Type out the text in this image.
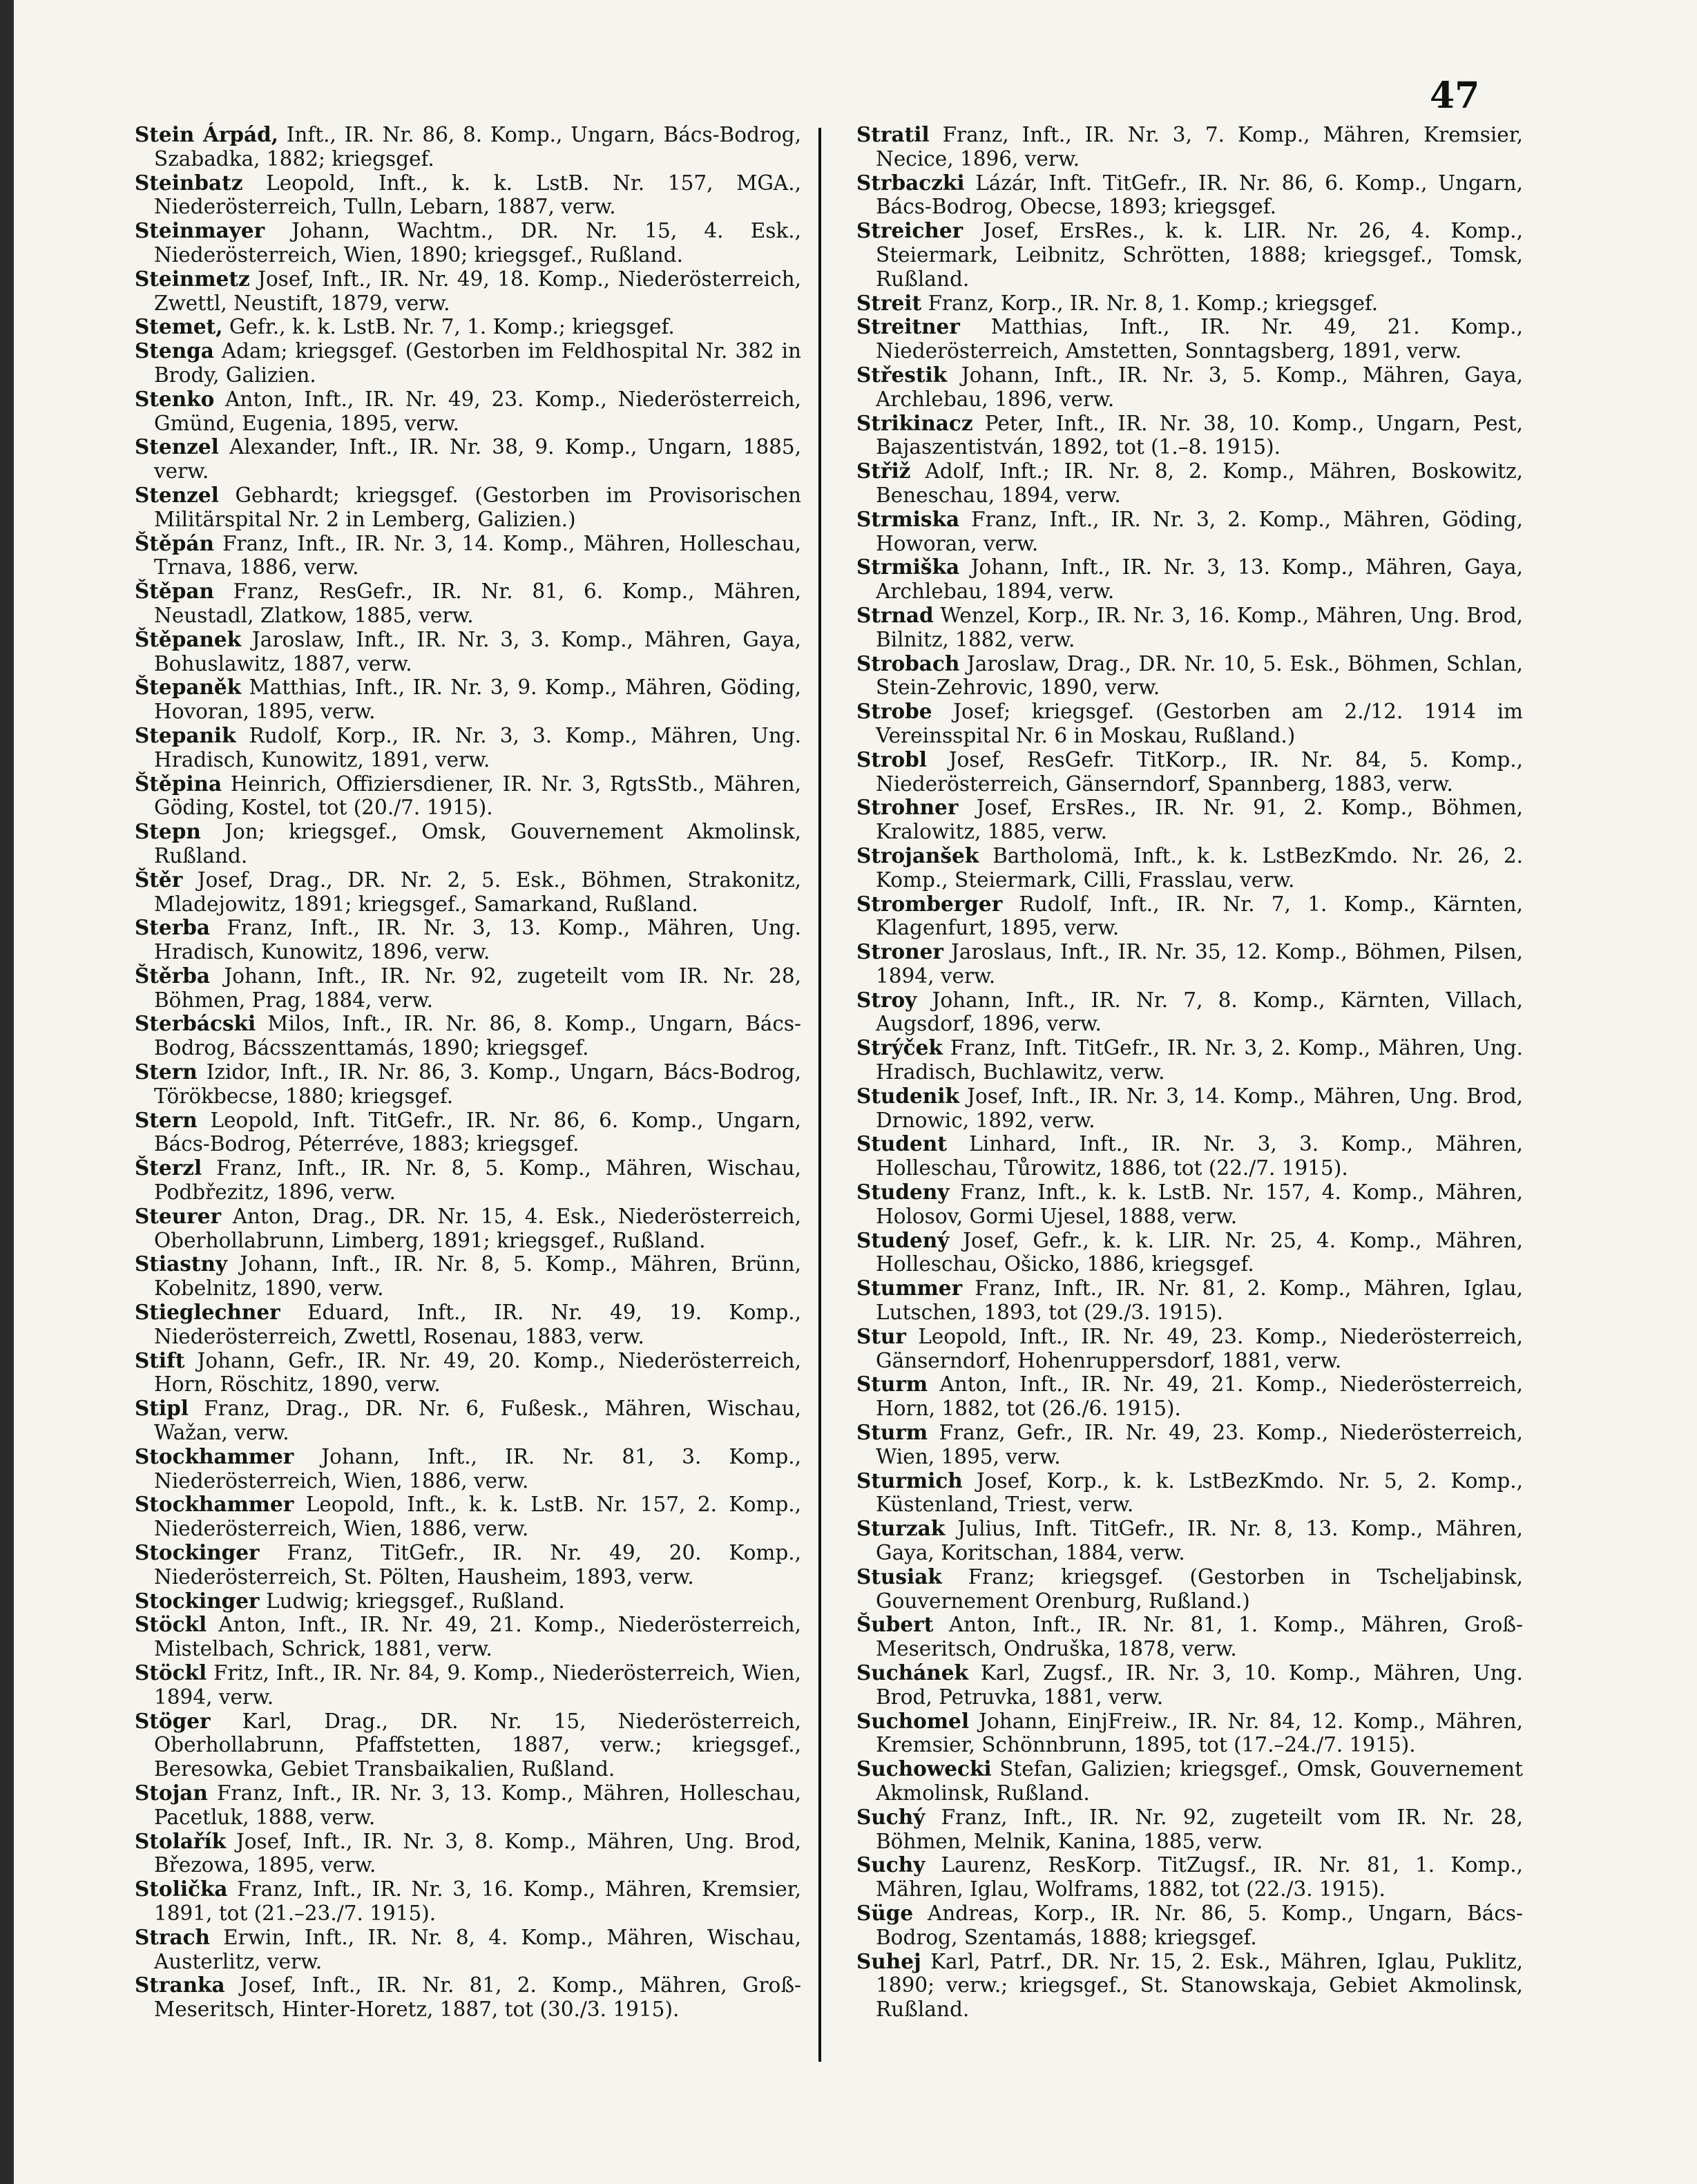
47

Stein Árpád, Inft., IR. Nr. 86, 8. Komp., Ungarn, Bács-Bodrog, Szabadka, 1882; kriegsgef.

Steinbatz Leopold, Inft., k. k. LstB. Nr. 157, MGA., Niederösterreich, Tulln, Lebarn, 1887, verw.

Steinmayer Johann, Wachtm., DR. Nr. 15, 4. Esk., Niederösterreich, Wien, 1890; kriegsgef., Rußland.

Steinmetz Josef, Inft., IR. Nr. 49, 18. Komp., Niederösterreich, Zwettl, Neustift, 1879, verw.

Stemet, Gefr., k. k. LstB. Nr. 7, 1. Komp.; kriegsgef.

Stenga Adam; kriegsgef. (Gestorben im Feldhospital Nr. 382 in Brody, Galizien.

Stenko Anton, Inft., IR. Nr. 49, 23. Komp., Niederösterreich, Gmünd, Eugenia, 1895, verw.

Stenzel Alexander, Inft., IR. Nr. 38, 9. Komp., Ungarn, 1885, verw.

Stenzel Gebhardt; kriegsgef. (Gestorben im Provisorischen Militärspital Nr. 2 in Lemberg, Galizien.)

Štěpán Franz, Inft., IR. Nr. 3, 14. Komp., Mähren, Holleschau, Trnava, 1886, verw.

Štěpan Franz, ResGefr., IR. Nr. 81, 6. Komp., Mähren, Neustadl, Zlatkow, 1885, verw.

Štěpanek Jaroslaw, Inft., IR. Nr. 3, 3. Komp., Mähren, Gaya, Bohuslawitz, 1887, verw.

Štepaněk Matthias, Inft., IR. Nr. 3, 9. Komp., Mähren, Göding, Hovoran, 1895, verw.

Stepanik Rudolf, Korp., IR. Nr. 3, 3. Komp., Mähren, Ung. Hradisch, Kunowitz, 1891, verw.

Štěpina Heinrich, Offiziersdiener, IR. Nr. 3, RgtsStb., Mähren, Göding, Kostel, tot (20./7. 1915).

Stepn Jon; kriegsgef., Omsk, Gouvernement Akmolinsk, Rußland.

Štěr Josef, Drag., DR. Nr. 2, 5. Esk., Böhmen, Strakonitz, Mladejowitz, 1891; kriegsgef., Samarkand, Rußland.

Sterba Franz, Inft., IR. Nr. 3, 13. Komp., Mähren, Ung. Hradisch, Kunowitz, 1896, verw.

Štěrba Johann, Inft., IR. Nr. 92, zugeteilt vom IR. Nr. 28, Böhmen, Prag, 1884, verw.

Sterbácski Milos, Inft., IR. Nr. 86, 8. Komp., Ungarn, Bács-Bodrog, Bácsszenttamás, 1890; kriegsgef.

Stern Izidor, Inft., IR. Nr. 86, 3. Komp., Ungarn, Bács-Bodrog, Törökbecse, 1880; kriegsgef.

Stern Leopold, Inft. TitGefr., IR. Nr. 86, 6. Komp., Ungarn, Bács-Bodrog, Péterréve, 1883; kriegsgef.

Šterzl Franz, Inft., IR. Nr. 8, 5. Komp., Mähren, Wischau, Podbřezitz, 1896, verw.

Steurer Anton, Drag., DR. Nr. 15, 4. Esk., Niederösterreich, Oberhollabrunn, Limberg, 1891; kriegsgef., Rußland.

Stiastny Johann, Inft., IR. Nr. 8, 5. Komp., Mähren, Brünn, Kobelnitz, 1890, verw.

Stieglechner Eduard, Inft., IR. Nr. 49, 19. Komp., Niederösterreich, Zwettl, Rosenau, 1883, verw.

Stift Johann, Gefr., IR. Nr. 49, 20. Komp., Niederösterreich, Horn, Röschitz, 1890, verw.

Stipl Franz, Drag., DR. Nr. 6, Fußesk., Mähren, Wischau, Wažan, verw.

Stockhammer Johann, Inft., IR. Nr. 81, 3. Komp., Niederösterreich, Wien, 1886, verw.

Stockhammer Leopold, Inft., k. k. LstB. Nr. 157, 2. Komp., Niederösterreich, Wien, 1886, verw.

Stockinger Franz, TitGefr., IR. Nr. 49, 20. Komp., Niederösterreich, St. Pölten, Hausheim, 1893, verw.

Stockinger Ludwig; kriegsgef., Rußland.

Stöckl Anton, Inft., IR. Nr. 49, 21. Komp., Niederösterreich, Mistelbach, Schrick, 1881, verw.

Stöckl Fritz, Inft., IR. Nr. 84, 9. Komp., Niederösterreich, Wien, 1894, verw.

Stöger Karl, Drag., DR. Nr. 15, Niederösterreich, Oberhollabrunn, Pfaffstetten, 1887, verw.; kriegsgef., Beresowka, Gebiet Transbaikalien, Rußland.

Stojan Franz, Inft., IR. Nr. 3, 13. Komp., Mähren, Holleschau, Pacetluk, 1888, verw.

Stolařík Josef, Inft., IR. Nr. 3, 8. Komp., Mähren, Ung. Brod, Březowa, 1895, verw.

Stolička Franz, Inft., IR. Nr. 3, 16. Komp., Mähren, Kremsier, 1891, tot (21.–23./7. 1915).

Strach Erwin, Inft., IR. Nr. 8, 4. Komp., Mähren, Wischau, Austerlitz, verw.

Stranka Josef, Inft., IR. Nr. 81, 2. Komp., Mähren, Groß-Meseritsch, Hinter-Horetz, 1887, tot (30./3. 1915).

Stratil Franz, Inft., IR. Nr. 3, 7. Komp., Mähren, Kremsier, Necice, 1896, verw.

Strbaczki Lázár, Inft. TitGefr., IR. Nr. 86, 6. Komp., Ungarn, Bács-Bodrog, Obecse, 1893; kriegsgef.

Streicher Josef, ErsRes., k. k. LIR. Nr. 26, 4. Komp., Steiermark, Leibnitz, Schrötten, 1888; kriegsgef., Tomsk, Rußland.

Streit Franz, Korp., IR. Nr. 8, 1. Komp.; kriegsgef.

Streitner Matthias, Inft., IR. Nr. 49, 21. Komp., Niederösterreich, Amstetten, Sonntagsberg, 1891, verw.

Střestik Johann, Inft., IR. Nr. 3, 5. Komp., Mähren, Gaya, Archlebau, 1896, verw.

Strikinacz Peter, Inft., IR. Nr. 38, 10. Komp., Ungarn, Pest, Bajaszentistván, 1892, tot (1.–8. 1915).

Střiž Adolf, Inft.; IR. Nr. 8, 2. Komp., Mähren, Boskowitz, Beneschau, 1894, verw.

Strmiska Franz, Inft., IR. Nr. 3, 2. Komp., Mähren, Göding, Howoran, verw.

Strmiška Johann, Inft., IR. Nr. 3, 13. Komp., Mähren, Gaya, Archlebau, 1894, verw.

Strnad Wenzel, Korp., IR. Nr. 3, 16. Komp., Mähren, Ung. Brod, Bilnitz, 1882, verw.

Strobach Jaroslaw, Drag., DR. Nr. 10, 5. Esk., Böhmen, Schlan, Stein-Zehrovic, 1890, verw.

Strobe Josef; kriegsgef. (Gestorben am 2./12. 1914 im Vereinsspital Nr. 6 in Moskau, Rußland.)

Strobl Josef, ResGefr. TitKorp., IR. Nr. 84, 5. Komp., Niederösterreich, Gänserndorf, Spannberg, 1883, verw.

Strohner Josef, ErsRes., IR. Nr. 91, 2. Komp., Böhmen, Kralowitz, 1885, verw.

Strojanšek Bartholomä, Inft., k. k. LstBezKmdo. Nr. 26, 2. Komp., Steiermark, Cilli, Frasslau, verw.

Stromberger Rudolf, Inft., IR. Nr. 7, 1. Komp., Kärnten, Klagenfurt, 1895, verw.

Stroner Jaroslaus, Inft., IR. Nr. 35, 12. Komp., Böhmen, Pilsen, 1894, verw.

Stroy Johann, Inft., IR. Nr. 7, 8. Komp., Kärnten, Villach, Augsdorf, 1896, verw.

Strýček Franz, Inft. TitGefr., IR. Nr. 3, 2. Komp., Mähren, Ung. Hradisch, Buchlawitz, verw.

Studenik Josef, Inft., IR. Nr. 3, 14. Komp., Mähren, Ung. Brod, Drnowic, 1892, verw.

Student Linhard, Inft., IR. Nr. 3, 3. Komp., Mähren, Holleschau, Tůrowitz, 1886, tot (22./7. 1915).

Studeny Franz, Inft., k. k. LstB. Nr. 157, 4. Komp., Mähren, Holosov, Gormi Ujesel, 1888, verw.

Studený Josef, Gefr., k. k. LIR. Nr. 25, 4. Komp., Mähren, Holleschau, Ošicko, 1886, kriegsgef.

Stummer Franz, Inft., IR. Nr. 81, 2. Komp., Mähren, Iglau, Lutschen, 1893, tot (29./3. 1915).

Stur Leopold, Inft., IR. Nr. 49, 23. Komp., Niederösterreich, Gänserndorf, Hohenruppersdorf, 1881, verw.

Sturm Anton, Inft., IR. Nr. 49, 21. Komp., Niederösterreich, Horn, 1882, tot (26./6. 1915).

Sturm Franz, Gefr., IR. Nr. 49, 23. Komp., Niederösterreich, Wien, 1895, verw.

Sturmich Josef, Korp., k. k. LstBezKmdo. Nr. 5, 2. Komp., Küstenland, Triest, verw.

Sturzak Julius, Inft. TitGefr., IR. Nr. 8, 13. Komp., Mähren, Gaya, Koritschan, 1884, verw.

Stusiak Franz; kriegsgef. (Gestorben in Tscheljabinsk, Gouvernement Orenburg, Rußland.)

Šubert Anton, Inft., IR. Nr. 81, 1. Komp., Mähren, Groß-Meseritsch, Ondruška, 1878, verw.

Suchánek Karl, Zugsf., IR. Nr. 3, 10. Komp., Mähren, Ung. Brod, Petruvka, 1881, verw.

Suchomel Johann, EinjFreiw., IR. Nr. 84, 12. Komp., Mähren, Kremsier, Schönnbrunn, 1895, tot (17.–24./7. 1915).

Suchowecki Stefan, Galizien; kriegsgef., Omsk, Gouvernement Akmolinsk, Rußland.

Suchý Franz, Inft., IR. Nr. 92, zugeteilt vom IR. Nr. 28, Böhmen, Melnik, Kanina, 1885, verw.

Suchy Laurenz, ResKorp. TitZugsf., IR. Nr. 81, 1. Komp., Mähren, Iglau, Wolframs, 1882, tot (22./3. 1915).

Süge Andreas, Korp., IR. Nr. 86, 5. Komp., Ungarn, Bács-Bodrog, Szentamás, 1888; kriegsgef.

Suhej Karl, Patrf., DR. Nr. 15, 2. Esk., Mähren, Iglau, Puklitz, 1890; verw.; kriegsgef., St. Stanowskaja, Gebiet Akmolinsk, Rußland.
